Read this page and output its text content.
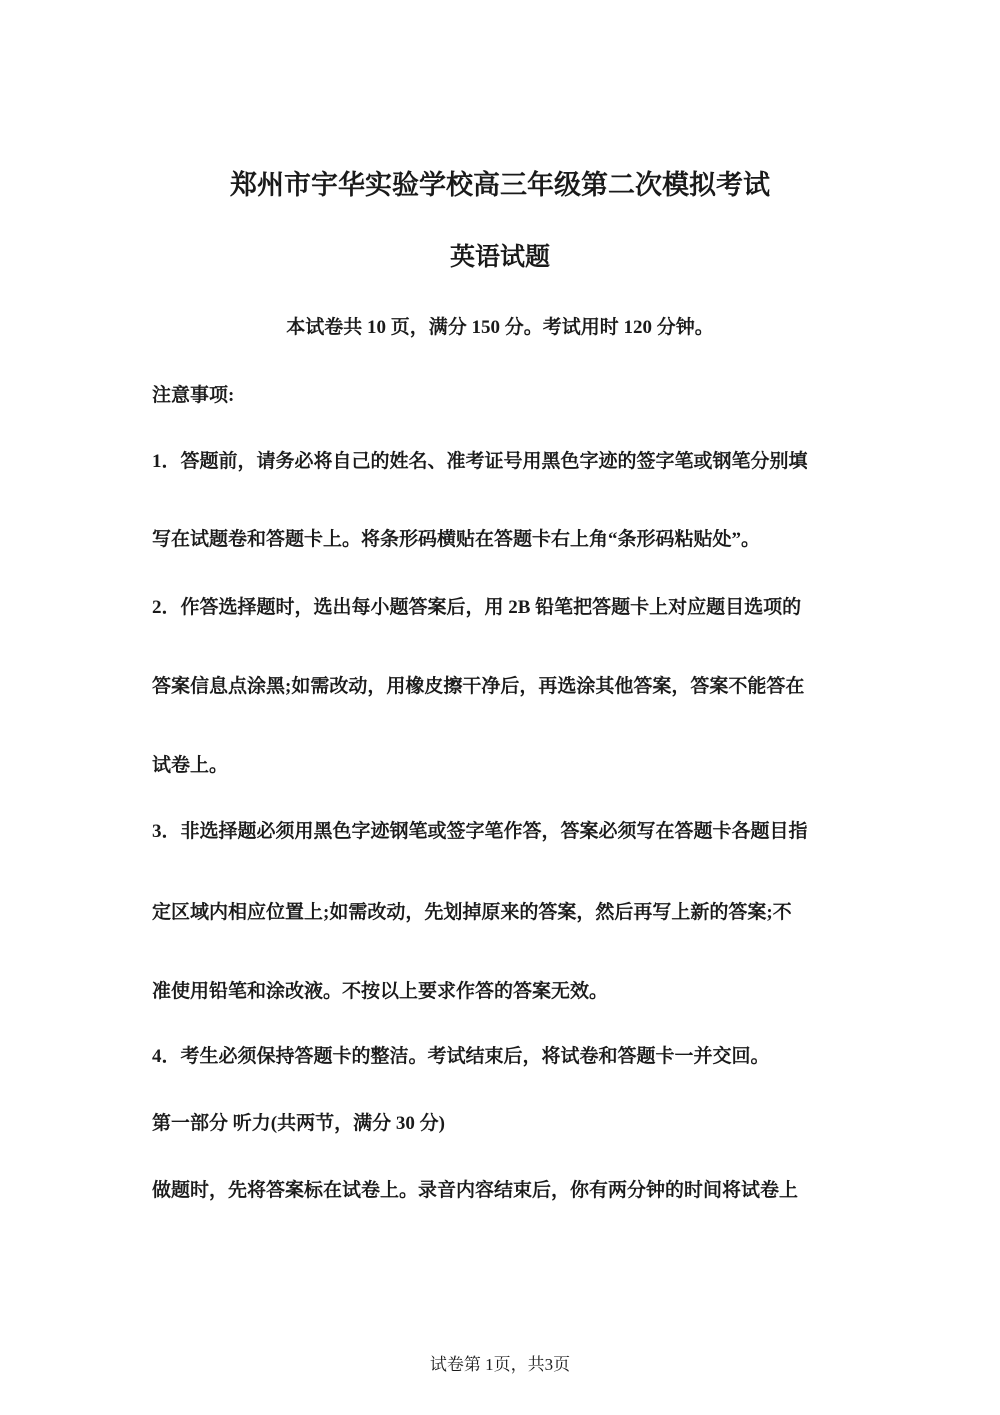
郑州市宇华实验学校高三年级第二次模拟考试
英语试题
本试卷共 10 页，满分 150 分。考试用时 120 分钟。
注意事项:
1．答题前，请务必将自己的姓名、准考证号用黑色字迹的签字笔或钢笔分别填
写在试题卷和答题卡上。将条形码横贴在答题卡右上角“条形码粘贴处”。
2．作答选择题时，选出每小题答案后，用 2B 铅笔把答题卡上对应题目选项的
答案信息点涂黑;如需改动，用橡皮擦干净后，再选涂其他答案，答案不能答在
试卷上。
3．非选择题必须用黑色字迹钢笔或签字笔作答，答案必须写在答题卡各题目指
定区域内相应位置上;如需改动，先划掉原来的答案，然后再写上新的答案;不
准使用铅笔和涂改液。不按以上要求作答的答案无效。
4．考生必须保持答题卡的整洁。考试结束后，将试卷和答题卡一并交回。
第一部分 听力(共两节，满分 30 分)
做题时，先将答案标在试卷上。录音内容结束后，你有两分钟的时间将试卷上
试卷第 1页，共3页
